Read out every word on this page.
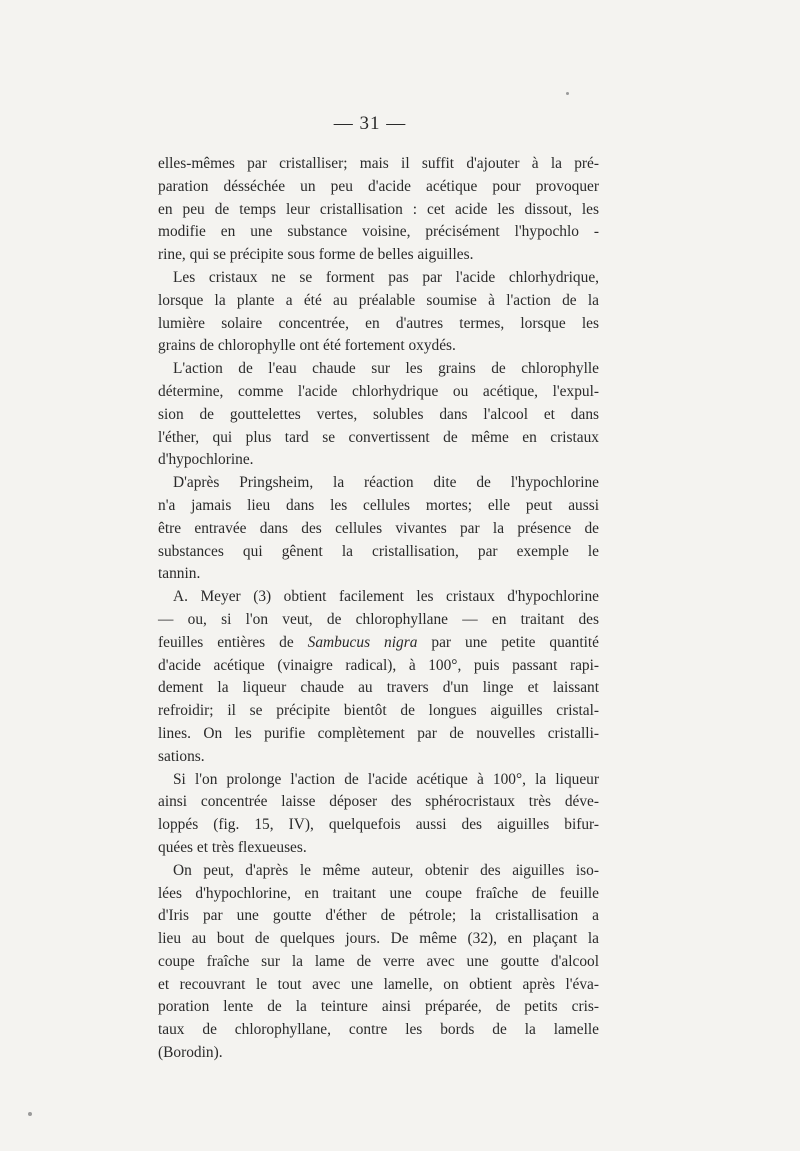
— 31 —
elles-mêmes par cristalliser; mais il suffit d'ajouter à la pré-
paration désséchée un peu d'acide acétique pour provoquer
en peu de temps leur cristallisation : cet acide les dissout, les
modifie en une substance voisine, précisément l'hypochlo -
rine, qui se précipite sous forme de belles aiguilles.
Les cristaux ne se forment pas par l'acide chlorhydrique,
lorsque la plante a été au préalable soumise à l'action de la
lumière solaire concentrée, en d'autres termes, lorsque les
grains de chlorophylle ont été fortement oxydés.
L'action de l'eau chaude sur les grains de chlorophylle
détermine, comme l'acide chlorhydrique ou acétique, l'expul-
sion de gouttelettes vertes, solubles dans l'alcool et dans
l'éther, qui plus tard se convertissent de même en cristaux
d'hypochlorine.
D'après Pringsheim, la réaction dite de l'hypochlorine
n'a jamais lieu dans les cellules mortes; elle peut aussi
être entravée dans des cellules vivantes par la présence de
substances qui gênent la cristallisation, par exemple le
tannin.
A. Meyer (3) obtient facilement les cristaux d'hypochlorine
— ou, si l'on veut, de chlorophyllane — en traitant des
feuilles entières de Sambucus nigra par une petite quantité
d'acide acétique (vinaigre radical), à 100°, puis passant rapi-
dement la liqueur chaude au travers d'un linge et laissant
refroidir; il se précipite bientôt de longues aiguilles cristal-
lines. On les purifie complètement par de nouvelles cristalli-
sations.
Si l'on prolonge l'action de l'acide acétique à 100°, la liqueur
ainsi concentrée laisse déposer des sphérocristaux très déve-
loppés (fig. 15, IV), quelquefois aussi des aiguilles bifur-
quées et très flexueuses.
On peut, d'après le même auteur, obtenir des aiguilles iso-
lées d'hypochlorine, en traitant une coupe fraîche de feuille
d'Iris par une goutte d'éther de pétrole; la cristallisation a
lieu au bout de quelques jours. De même (32), en plaçant la
coupe fraîche sur la lame de verre avec une goutte d'alcool
et recouvrant le tout avec une lamelle, on obtient après l'éva-
poration lente de la teinture ainsi préparée, de petits cris-
taux de chlorophyllane, contre les bords de la lamelle
(Borodin).
